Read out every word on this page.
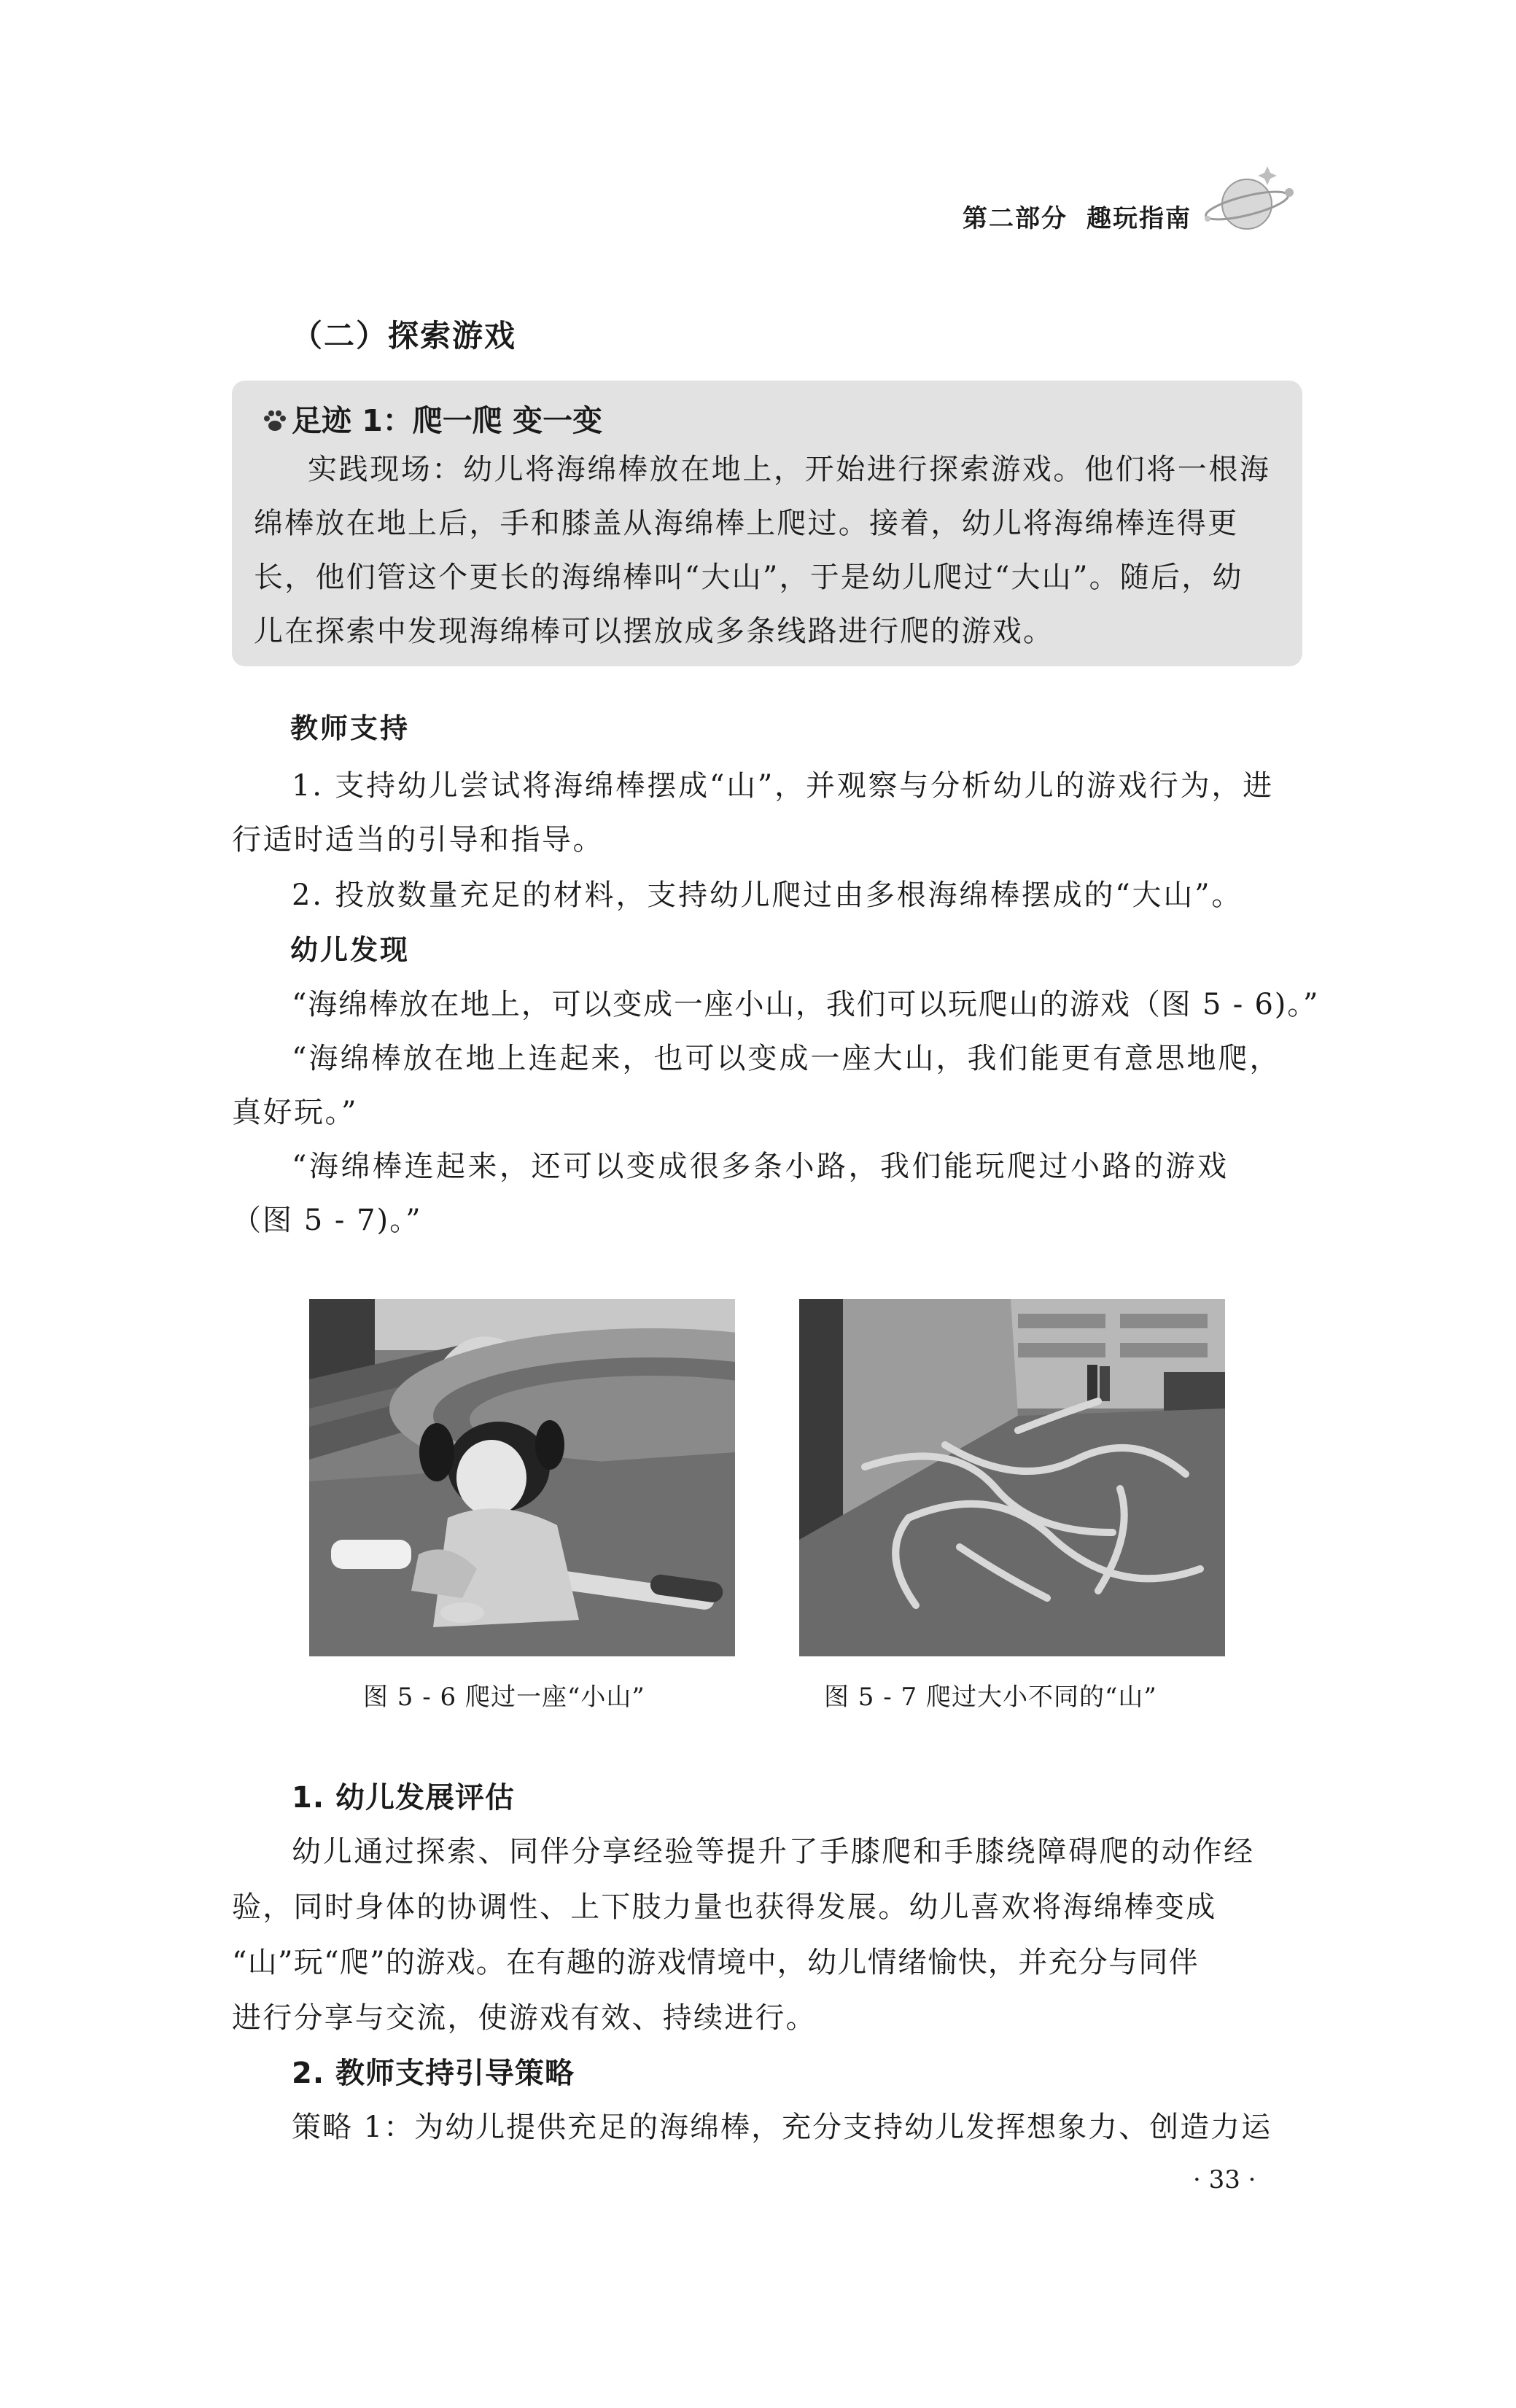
第二部分 趣玩指南
（二）探索游戏
足迹 1：爬一爬 变一变
实践现场：幼儿将海绵棒放在地上，开始进行探索游戏。他们将一根海
绵棒放在地上后，手和膝盖从海绵棒上爬过。接着，幼儿将海绵棒连得更
长，他们管这个更长的海绵棒叫“大山”，于是幼儿爬过“大山”。随后，幼
儿在探索中发现海绵棒可以摆放成多条线路进行爬的游戏。
教师支持
1. 支持幼儿尝试将海绵棒摆成“山”，并观察与分析幼儿的游戏行为，进
行适时适当的引导和指导。
2. 投放数量充足的材料，支持幼儿爬过由多根海绵棒摆成的“大山”。
幼儿发现
“海绵棒放在地上，可以变成一座小山，我们可以玩爬山的游戏（图 5 - 6)。”
“海绵棒放在地上连起来，也可以变成一座大山，我们能更有意思地爬，
真好玩。”
“海绵棒连起来，还可以变成很多条小路，我们能玩爬过小路的游戏
（图 5 - 7)。”
图 5 - 6 爬过一座“小山”	图 5 - 7 爬过大小不同的“山”
1. 幼儿发展评估
幼儿通过探索、同伴分享经验等提升了手膝爬和手膝绕障碍爬的动作经
验，同时身体的协调性、上下肢力量也获得发展。幼儿喜欢将海绵棒变成
“山”玩“爬”的游戏。在有趣的游戏情境中，幼儿情绪愉快，并充分与同伴
进行分享与交流，使游戏有效、持续进行。
2. 教师支持引导策略
策略 1：为幼儿提供充足的海绵棒，充分支持幼儿发挥想象力、创造力运
· 33 ·
